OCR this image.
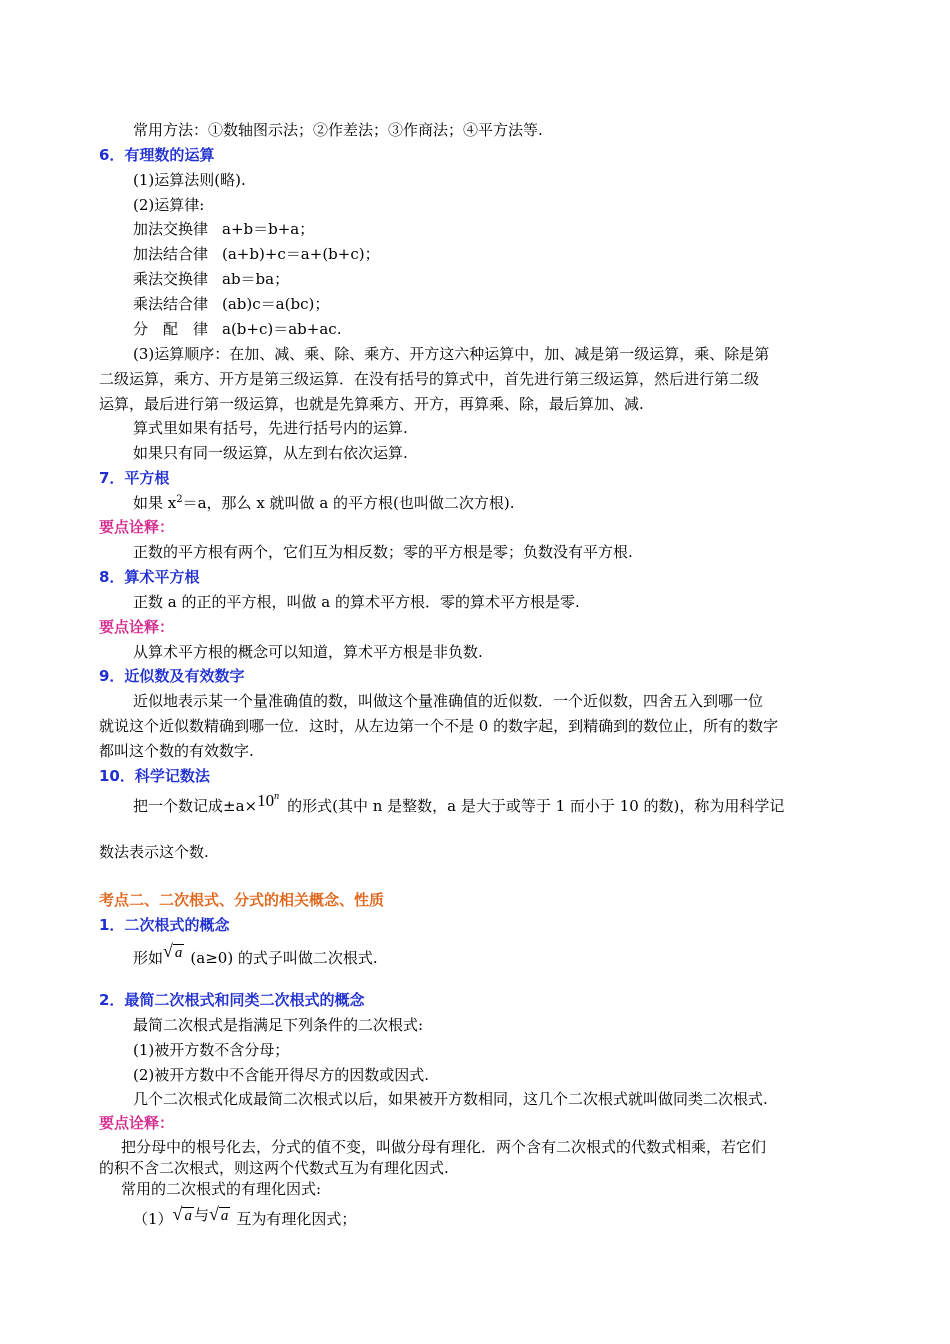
常用方法：①数轴图示法；②作差法；③作商法；④平方法等.
6．有理数的运算
(1)运算法则(略).
(2)运算律:
加法交换律 a+b＝b+a；
加法结合律 (a+b)+c＝a+(b+c)；
乘法交换律 ab＝ba；
乘法结合律 (ab)c＝a(bc)；
分　配　律 a(b+c)＝ab+ac.
(3)运算顺序：在加、减、乘、除、乘方、开方这六种运算中，加、减是第一级运算，乘、除是第
二级运算，乘方、开方是第三级运算．在没有括号的算式中，首先进行第三级运算，然后进行第二级
运算，最后进行第一级运算，也就是先算乘方、开方，再算乘、除，最后算加、减.
算式里如果有括号，先进行括号内的运算.
如果只有同一级运算，从左到右依次运算.
7．平方根
如果 $x^2=a$，那么 x 就叫做 a 的平方根(也叫做二次方根).
要点诠释：
正数的平方根有两个，它们互为相反数；零的平方根是零；负数没有平方根.
8．算术平方根
正数 a 的正的平方根，叫做 a 的算术平方根．零的算术平方根是零.
要点诠释：
从算术平方根的概念可以知道，算术平方根是非负数.
9．近似数及有效数字
近似地表示某一个量准确值的数，叫做这个量准确值的近似数．一个近似数，四舍五入到哪一位
就说这个近似数精确到哪一位．这时，从左边第一个不是 0 的数字起，到精确到的数位止，所有的数字
都叫这个数的有效数字.
10．科学记数法
把一个数记成$\pm a\times 10^n$的形式(其中 n 是整数，a 是大于或等于 1 而小于 10 的数)，称为用科学记
数法表示这个数.
考点二、二次根式、分式的相关概念、性质
1．二次根式的概念
形如√ a (a≥0) 的式子叫做二次根式.
2．最简二次根式和同类二次根式的概念
最简二次根式是指满足下列条件的二次根式:
(1)被开方数不含分母；
(2)被开方数中不含能开得尽方的因数或因式.
几个二次根式化成最简二次根式以后，如果被开方数相同，这几个二次根式就叫做同类二次根式.
要点诠释：
把分母中的根号化去，分式的值不变，叫做分母有理化．两个含有二次根式的代数式相乘，若它们
的积不含二次根式，则这两个代数式互为有理化因式.
常用的二次根式的有理化因式:
（1）√ a 与√ a 互为有理化因式；
